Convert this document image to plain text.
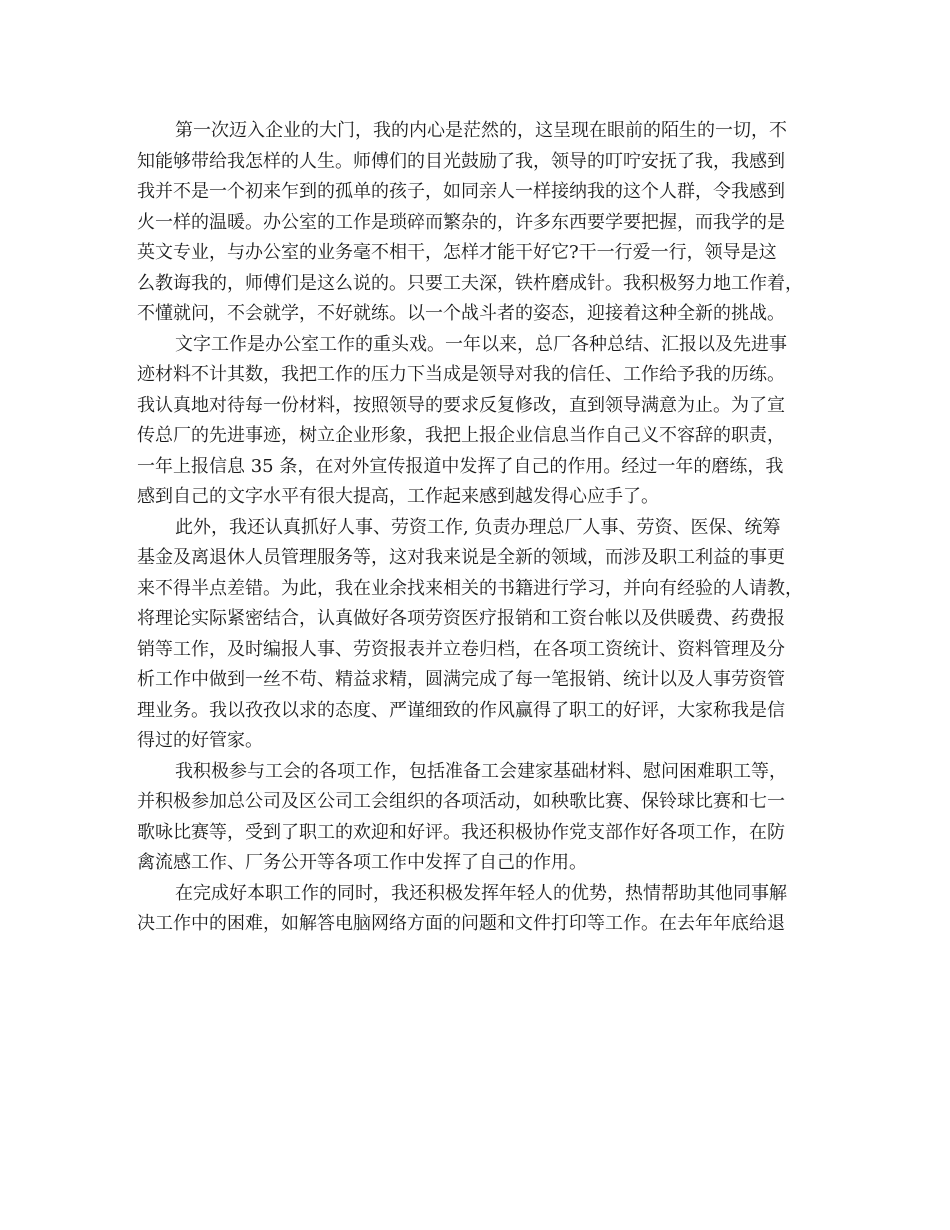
第一次迈入企业的大门，我的内心是茫然的，这呈现在眼前的陌生的一切，不
知能够带给我怎样的人生。师傅们的目光鼓励了我，领导的叮咛安抚了我，我感到
我并不是一个初来乍到的孤单的孩子，如同亲人一样接纳我的这个人群，令我感到
火一样的温暖。办公室的工作是琐碎而繁杂的，许多东西要学要把握，而我学的是
英文专业，与办公室的业务毫不相干，怎样才能干好它?干一行爱一行，领导是这
么教诲我的，师傅们是这么说的。只要工夫深，铁杵磨成针。我积极努力地工作着，
不懂就问，不会就学，不好就练。以一个战斗者的姿态，迎接着这种全新的挑战。

文字工作是办公室工作的重头戏。一年以来，总厂各种总结、汇报以及先进事
迹材料不计其数，我把工作的压力下当成是领导对我的信任、工作给予我的历练。
我认真地对待每一份材料，按照领导的要求反复修改，直到领导满意为止。为了宣
传总厂的先进事迹，树立企业形象，我把上报企业信息当作自己义不容辞的职责，
一年上报信息 35 条，在对外宣传报道中发挥了自己的作用。经过一年的磨练，我
感到自己的文字水平有很大提高，工作起来感到越发得心应手了。

此外，我还认真抓好人事、劳资工作, 负责办理总厂人事、劳资、医保、统筹
基金及离退休人员管理服务等，这对我来说是全新的领域，而涉及职工利益的事更
来不得半点差错。为此，我在业余找来相关的书籍进行学习，并向有经验的人请教，
将理论实际紧密结合，认真做好各项劳资医疗报销和工资台帐以及供暖费、药费报
销等工作，及时编报人事、劳资报表并立卷归档，在各项工资统计、资料管理及分
析工作中做到一丝不苟、精益求精，圆满完成了每一笔报销、统计以及人事劳资管
理业务。我以孜孜以求的态度、严谨细致的作风赢得了职工的好评，大家称我是信
得过的好管家。

我积极参与工会的各项工作，包括准备工会建家基础材料、慰问困难职工等，
并积极参加总公司及区公司工会组织的各项活动，如秧歌比赛、保铃球比赛和七一
歌咏比赛等，受到了职工的欢迎和好评。我还积极协作党支部作好各项工作，在防
禽流感工作、厂务公开等各项工作中发挥了自己的作用。

在完成好本职工作的同时，我还积极发挥年轻人的优势，热情帮助其他同事解
决工作中的困难，如解答电脑网络方面的问题和文件打印等工作。在去年年底给退
